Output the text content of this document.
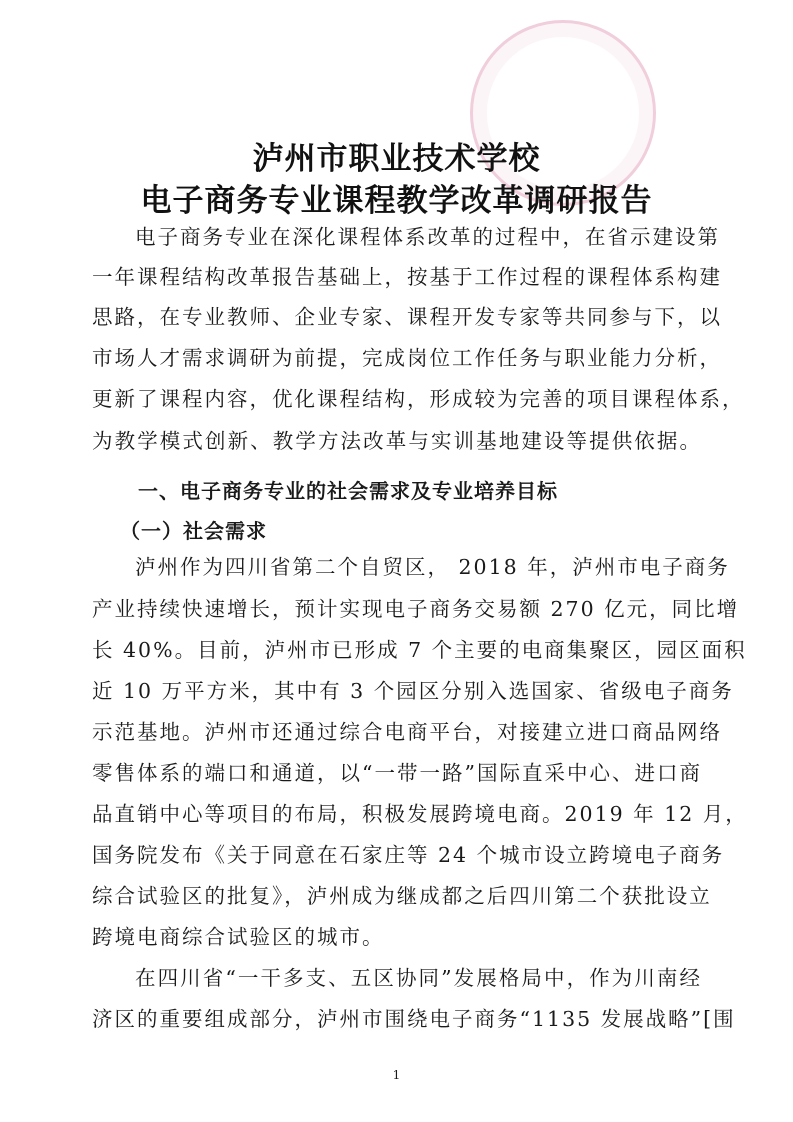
泸州市职业技术学校
电子商务专业课程教学改革调研报告

电子商务专业在深化课程体系改革的过程中，在省示建设第

一年课程结构改革报告基础上，按基于工作过程的课程体系构建

思路，在专业教师、企业专家、课程开发专家等共同参与下，以

市场人才需求调研为前提，完成岗位工作任务与职业能力分析，

更新了课程内容，优化课程结构，形成较为完善的项目课程体系，

为教学模式创新、教学方法改革与实训基地建设等提供依据。

一、电子商务专业的社会需求及专业培养目标

（一）社会需求

泸州作为四川省第二个自贸区， 2018 年，泸州市电子商务

产业持续快速增长，预计实现电子商务交易额 270 亿元，同比增

长 40%。目前，泸州市已形成 7 个主要的电商集聚区，园区面积

近 10 万平方米，其中有 3 个园区分别入选国家、省级电子商务

示范基地。泸州市还通过综合电商平台，对接建立进口商品网络

零售体系的端口和通道，以“一带一路”国际直采中心、进口商

品直销中心等项目的布局，积极发展跨境电商。2019 年 12 月，

国务院发布《关于同意在石家庄等 24 个城市设立跨境电子商务

综合试验区的批复》，泸州成为继成都之后四川第二个获批设立

跨境电商综合试验区的城市。

在四川省“一干多支、五区协同”发展格局中，作为川南经

济区的重要组成部分，泸州市围绕电子商务“1135 发展战略”[围

1
